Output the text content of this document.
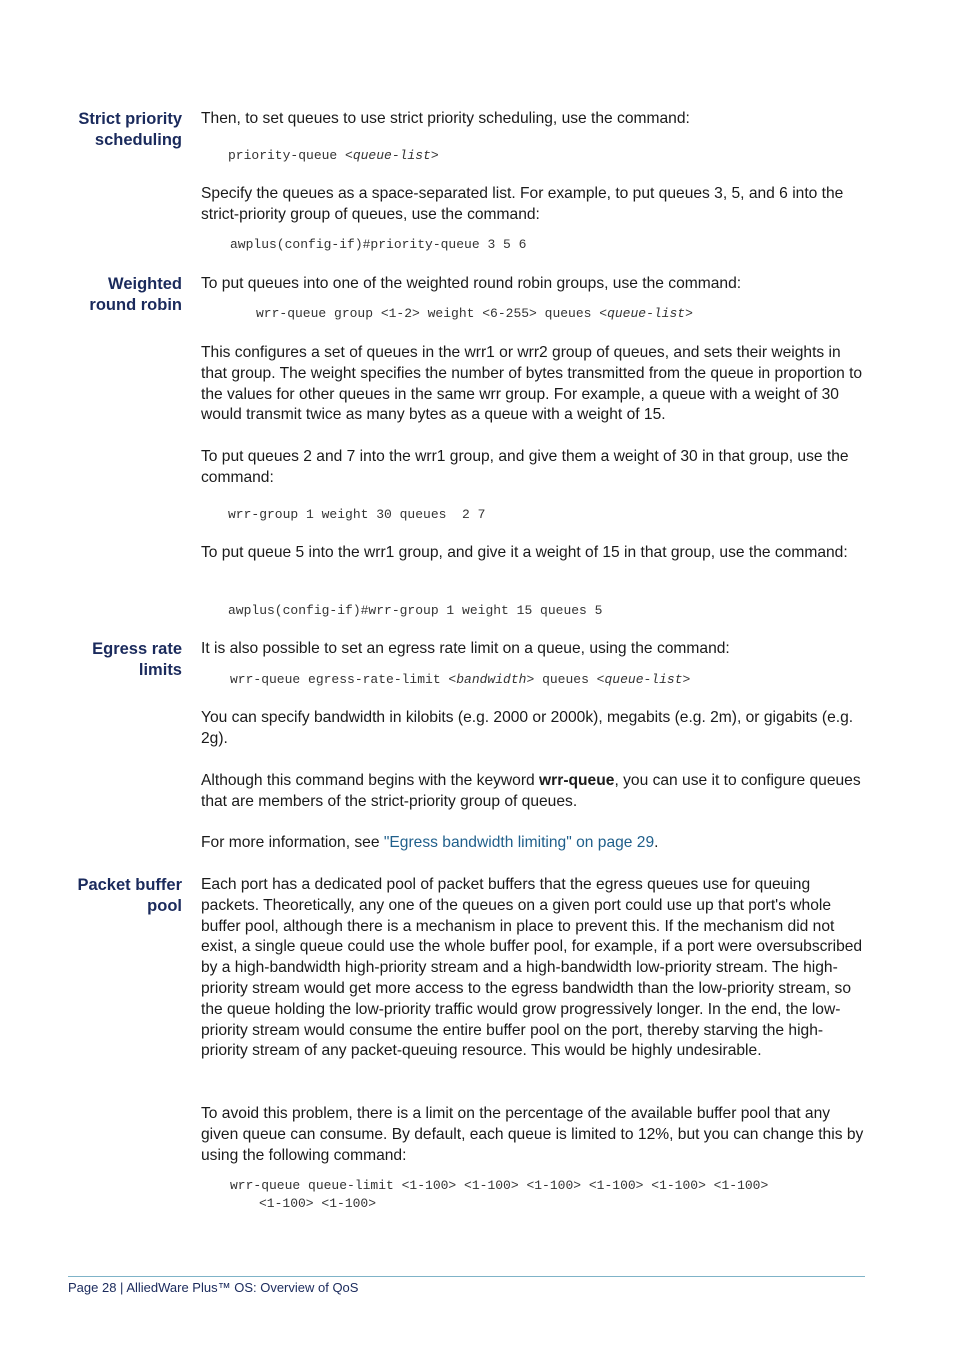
Strict priority
scheduling
Then, to set queues to use strict priority scheduling, use the command:
priority-queue <queue-list>
Specify the queues as a space-separated list. For example, to put queues 3, 5, and 6 into the strict-priority group of queues, use the command:
awplus(config-if)#priority-queue 3 5 6
Weighted
round robin
To put queues into one of the weighted round robin groups, use the command:
wrr-queue group <1-2> weight <6-255> queues <queue-list>
This configures a set of queues in the wrr1 or wrr2 group of queues, and sets their weights in that group. The weight specifies the number of bytes transmitted from the queue in proportion to the values for other queues in the same wrr group. For example, a queue with a weight of 30 would transmit twice as many bytes as a queue with a weight of 15.
To put queues 2 and 7 into the wrr1 group, and give them a weight of 30 in that group, use the command:
wrr-group 1 weight 30 queues  2 7
To put queue 5 into the wrr1 group, and give it a weight of 15 in that group, use the command:
awplus(config-if)#wrr-group 1 weight 15 queues 5
Egress rate
limits
It is also possible to set an egress rate limit on a queue, using the command:
wrr-queue egress-rate-limit <bandwidth> queues <queue-list>
You can specify bandwidth in kilobits (e.g. 2000 or 2000k), megabits (e.g. 2m), or gigabits (e.g. 2g).
Although this command begins with the keyword wrr-queue, you can use it to configure queues that are members of the strict-priority group of queues.
For more information, see "Egress bandwidth limiting" on page 29.
Packet buffer
pool
Each port has a dedicated pool of packet buffers that the egress queues use for queuing packets. Theoretically, any one of the queues on a given port could use up that port's whole buffer pool, although there is a mechanism in place to prevent this. If the mechanism did not exist, a single queue could use the whole buffer pool, for example, if a port were oversubscribed by a high-bandwidth high-priority stream and a high-bandwidth low-priority stream. The high-priority stream would get more access to the egress bandwidth than the low-priority stream, so the queue holding the low-priority traffic would grow progressively longer. In the end, the low-priority stream would consume the entire buffer pool on the port, thereby starving the high-priority stream of any packet-queuing resource. This would be highly undesirable.
To avoid this problem, there is a limit on the percentage of the available buffer pool that any given queue can consume. By default, each queue is limited to 12%, but you can change this by using the following command:
wrr-queue queue-limit <1-100> <1-100> <1-100> <1-100> <1-100> <1-100>
<1-100> <1-100>
Page 28 | AlliedWare Plus™ OS: Overview of QoS
